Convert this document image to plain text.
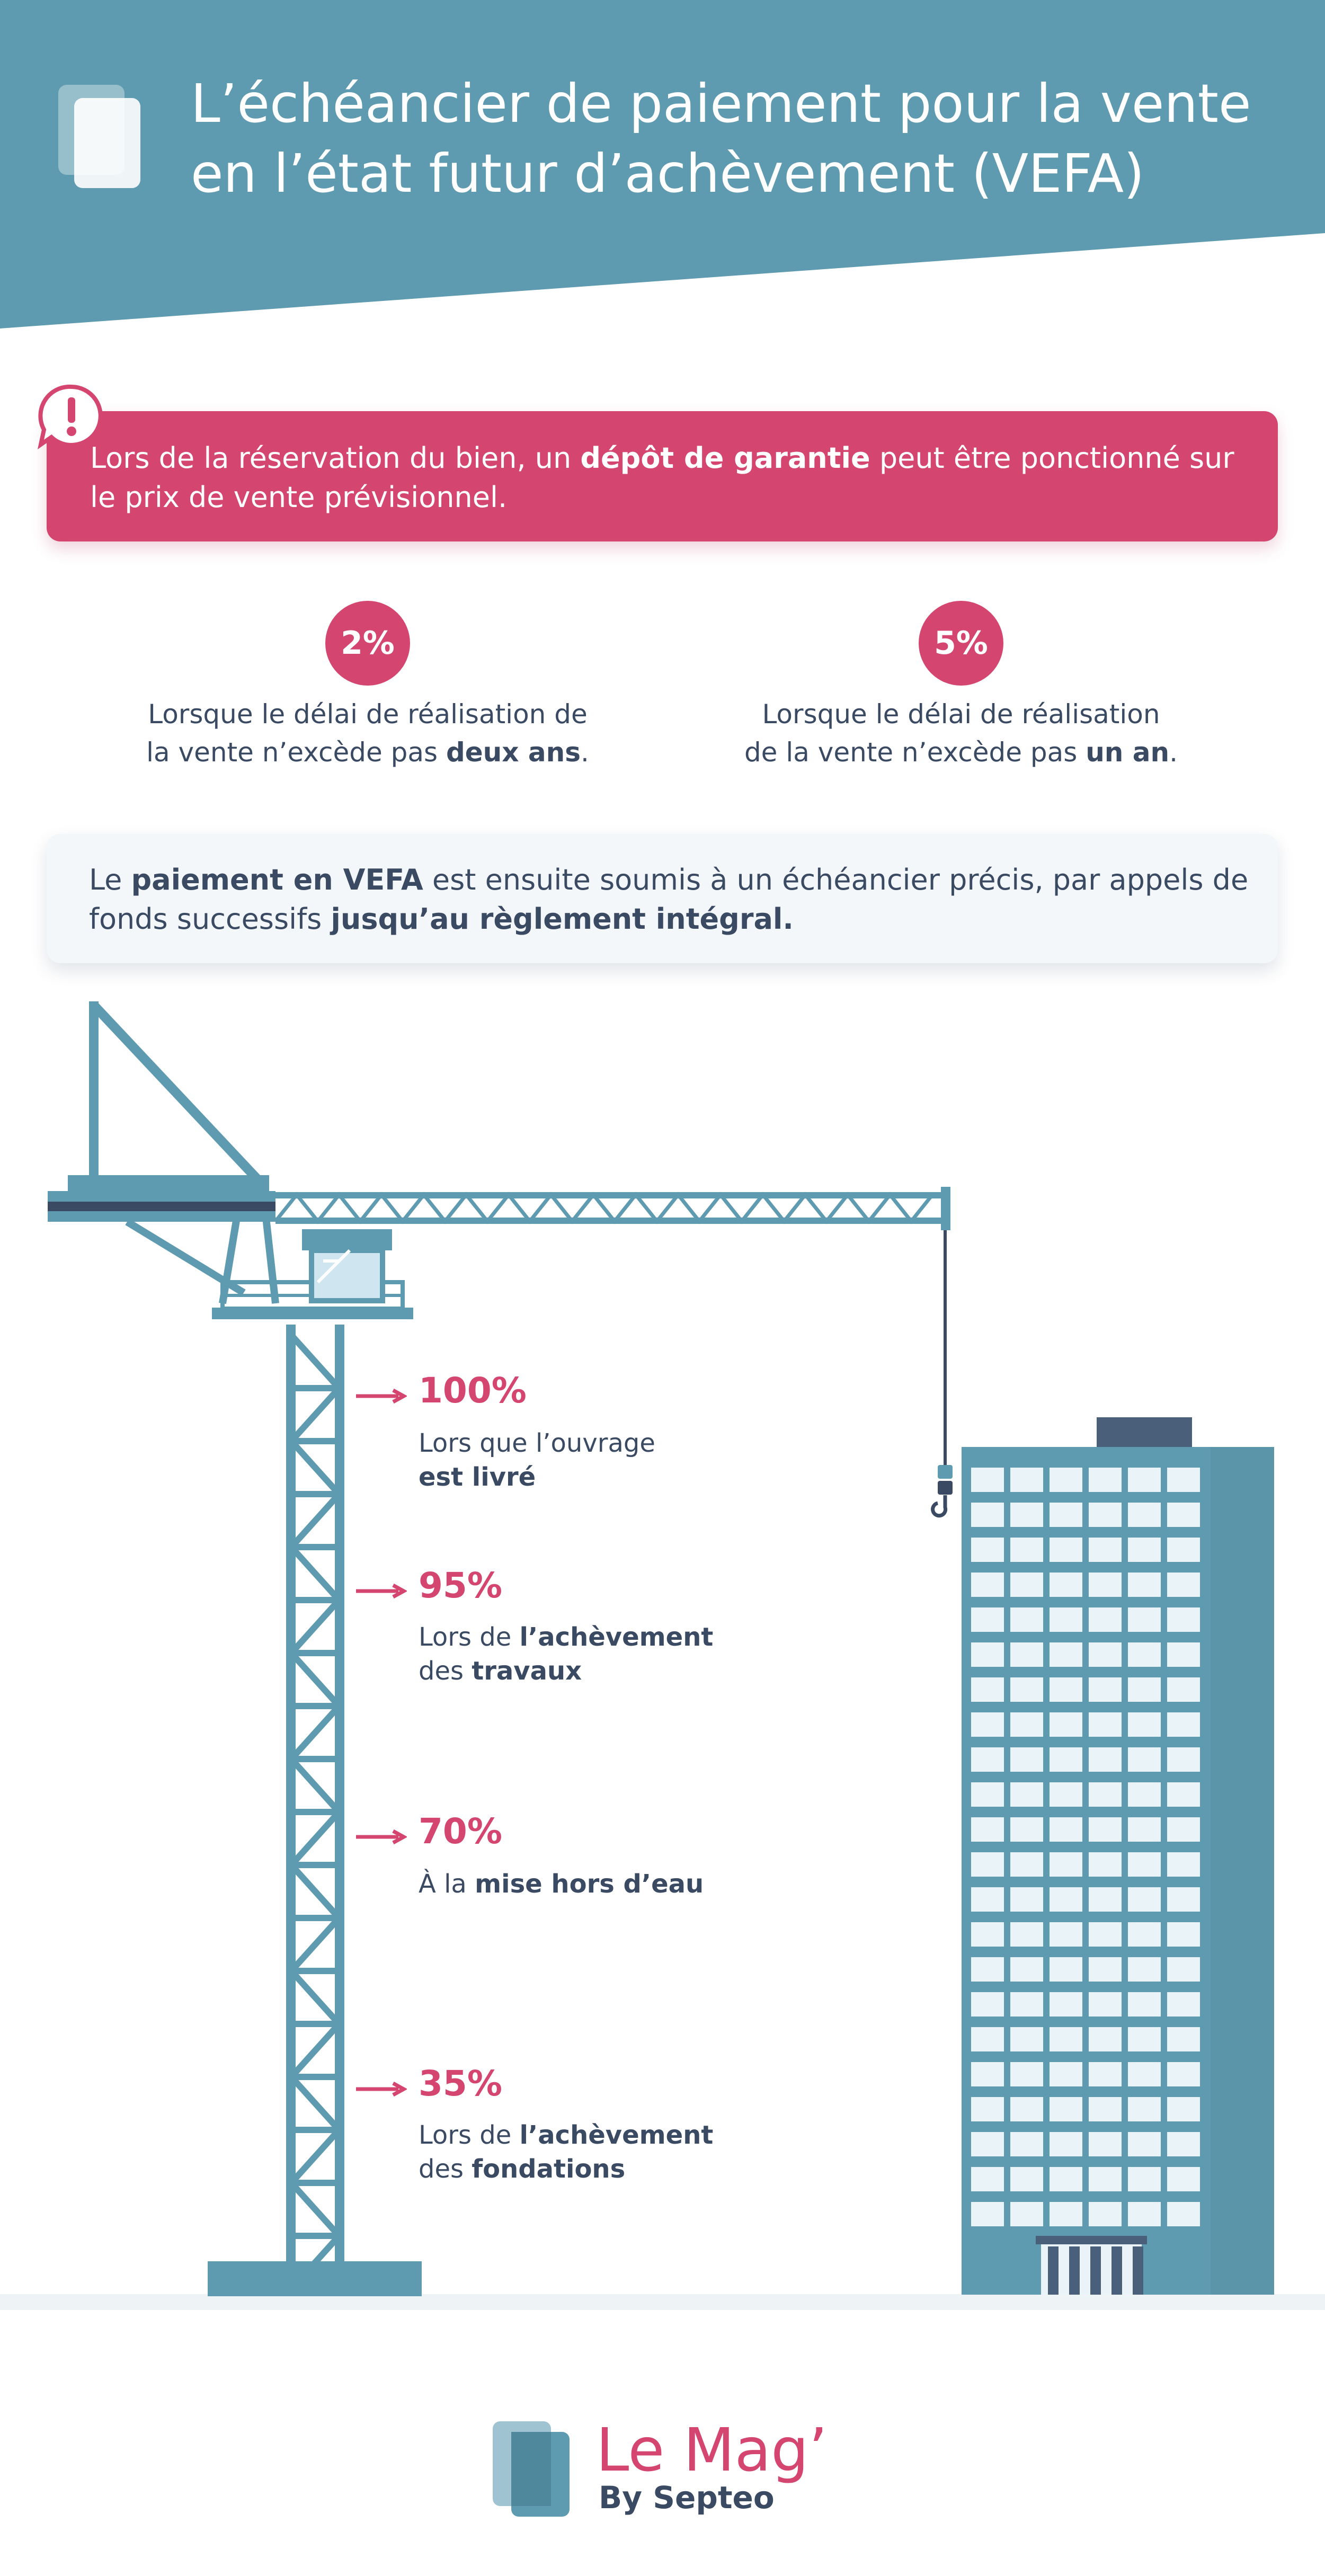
L’échéancier de paiement pour la vente
en l’état futur d’achèvement (VEFA)
Lors de la réservation du bien, un dépôt de garantie peut être ponctionné sur le prix de vente prévisionnel.
2%
Lorsque le délai de réalisation de
la vente n’excède pas deux ans.
5%
Lorsque le délai de réalisation
de la vente n’excède pas un an.
Le paiement en VEFA est ensuite soumis à un échéancier précis, par appels de
fonds successifs jusqu’au règlement intégral.
100%
Lors que l’ouvrage
est livré
95%
Lors de l’achèvement
des travaux
70%
À la mise hors d’eau
35%
Lors de l’achèvement
des fondations
Le Mag’
By Septeo
